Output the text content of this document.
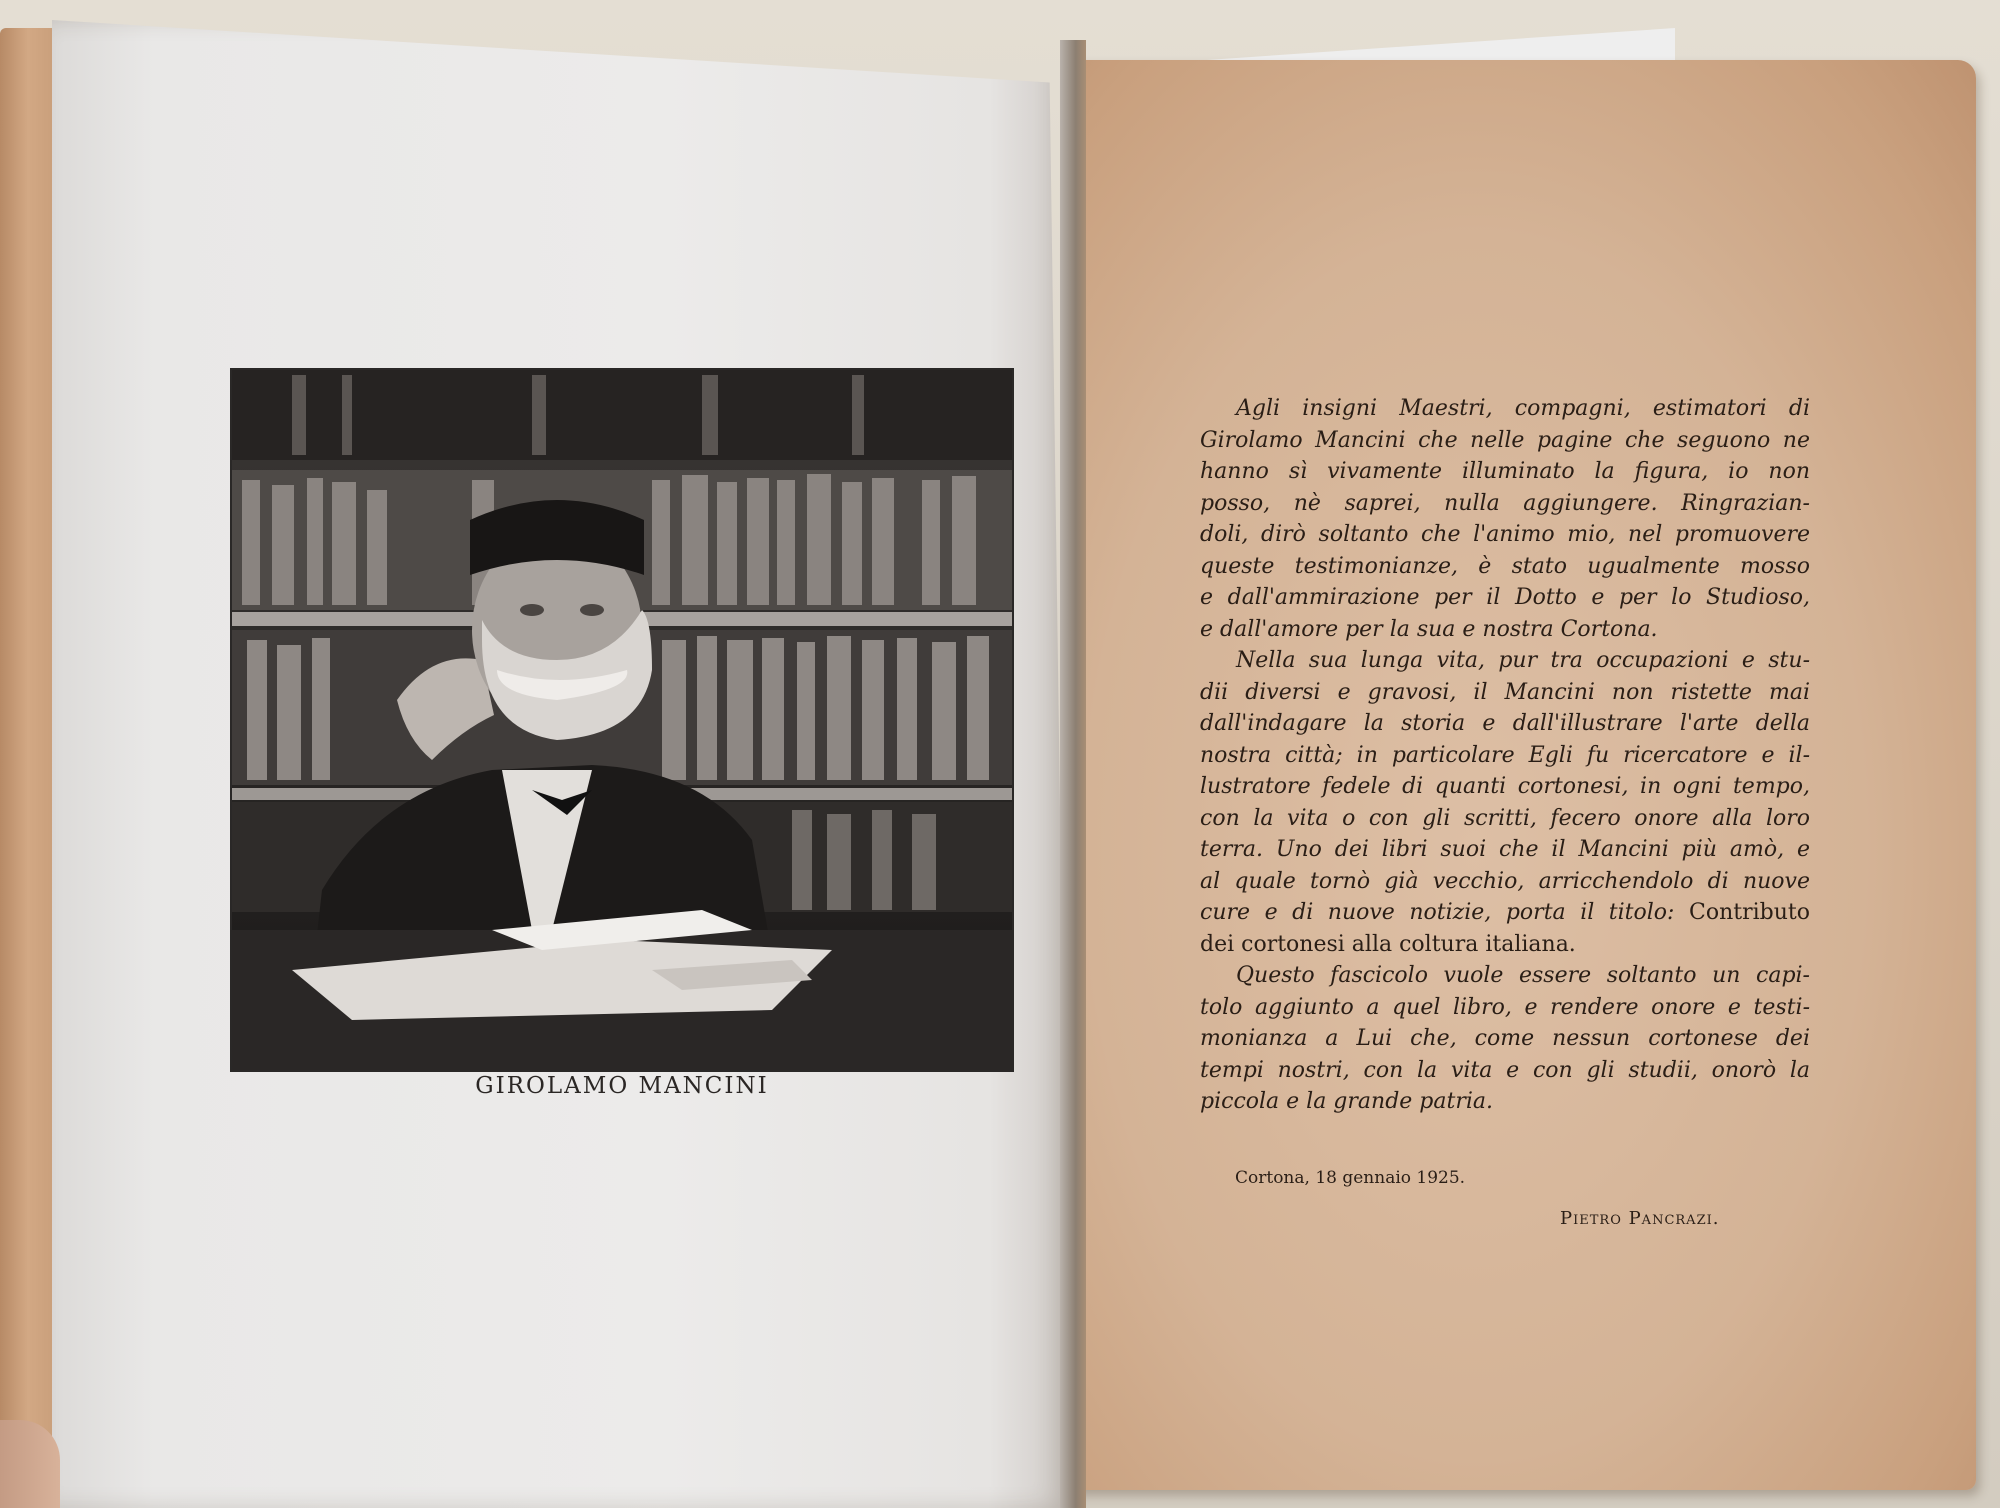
GIROLAMO MANCINI
Agli insigni Maestri, compagni, estimatori di
Girolamo Mancini che nelle pagine che seguono ne
hanno sì vivamente illuminato la figura, io non
posso, nè saprei, nulla aggiungere. Ringrazian-
doli, dirò soltanto che l'animo mio, nel promuovere
queste testimonianze, è stato ugualmente mosso
e dall'ammirazione per il Dotto e per lo Studioso,
e dall'amore per la sua e nostra Cortona.
Nella sua lunga vita, pur tra occupazioni e stu-
dii diversi e gravosi, il Mancini non ristette mai
dall'indagare la storia e dall'illustrare l'arte della
nostra città; in particolare Egli fu ricercatore e il-
lustratore fedele di quanti cortonesi, in ogni tempo,
con la vita o con gli scritti, fecero onore alla loro
terra. Uno dei libri suoi che il Mancini più amò, e
al quale tornò già vecchio, arricchendolo di nuove
cure e di nuove notizie, porta il titolo: Contributo
dei cortonesi alla coltura italiana.
Questo fascicolo vuole essere soltanto un capi-
tolo aggiunto a quel libro, e rendere onore e testi-
monianza a Lui che, come nessun cortonese dei
tempi nostri, con la vita e con gli studii, onorò la
piccola e la grande patria.
Cortona, 18 gennaio 1925.
Pietro Pancrazi.
